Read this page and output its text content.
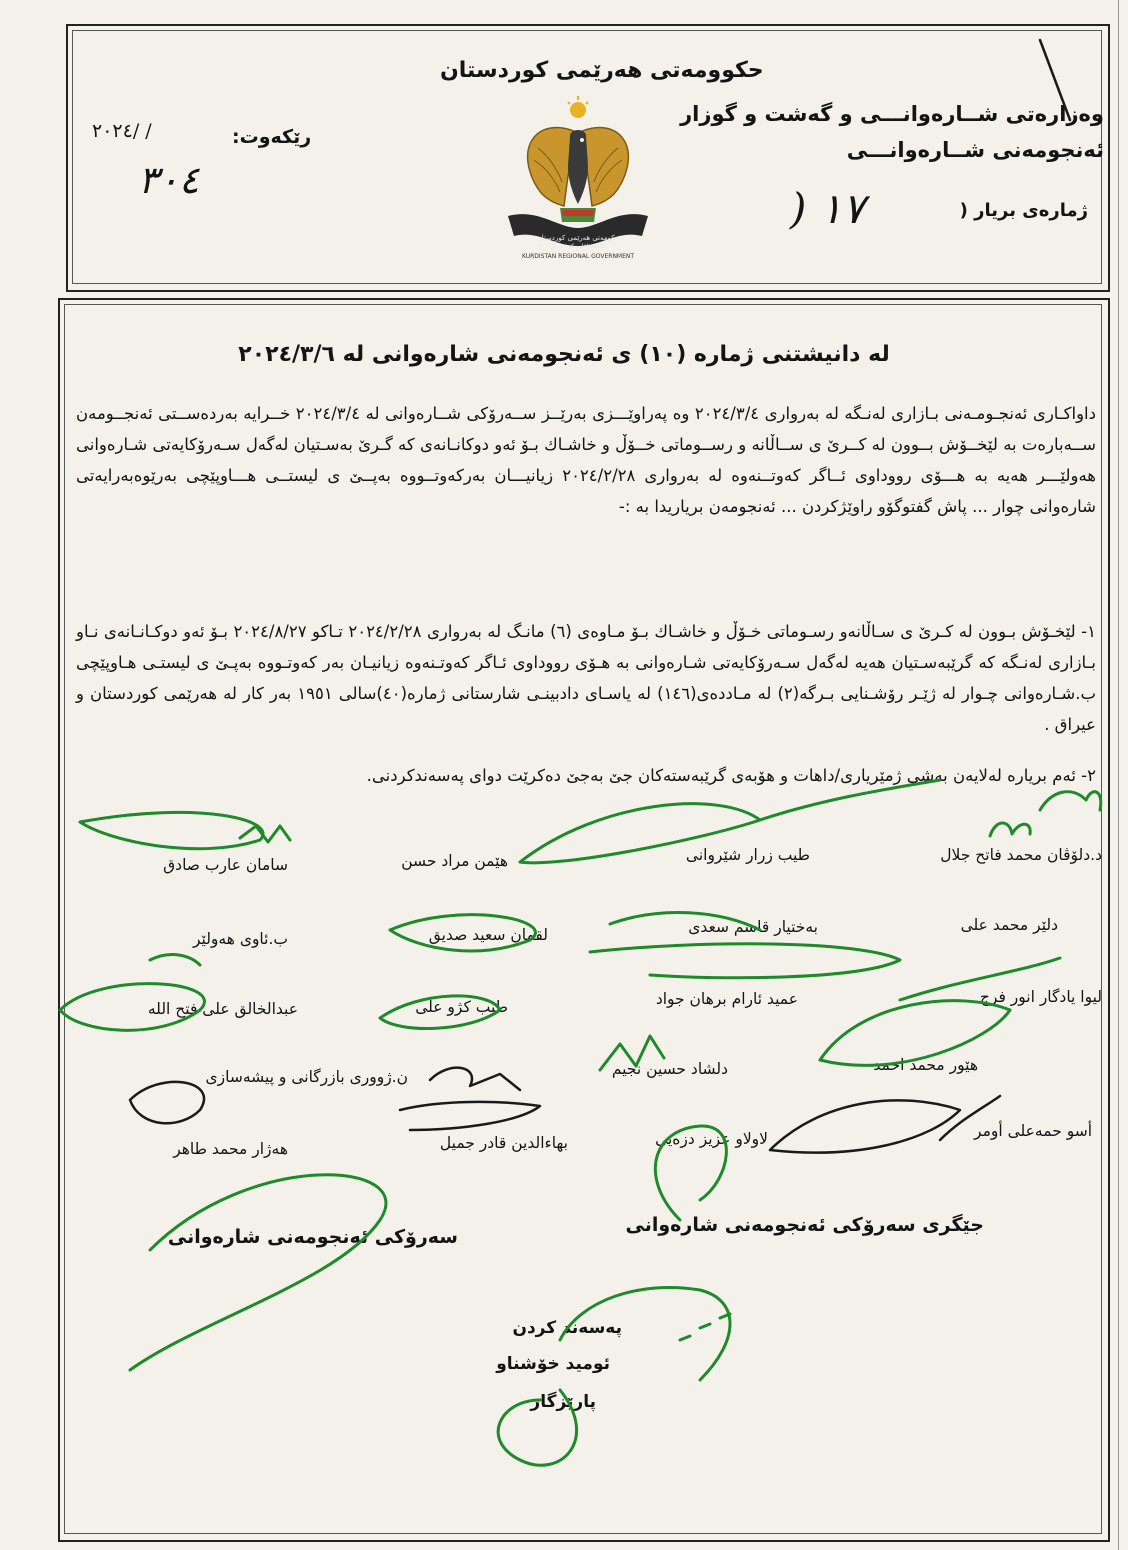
حكوومەتی هەرێمی كوردستان
وەزارەتی شــارەوانـــی و گەشت و گوزار
ئەنجومەنی شــارەوانـــی
ژمارەی بریار (
) ١٧
رێكەوت:
٢٠٢٤/ /
٣٠٤
حكومەتی هەرێمی كوردستان
حكومة اقليم كوردستان
KURDISTAN REGIONAL GOVERNMENT
له دانیشتنی ژماره (١٠) ی ئەنجومەنی شارەوانی لە ٢٠٢٤/٣/٦
داواكـاری ئەنجـومـەنی بـازاری لەنـگە لە بەرواری ٢٠٢٤/٣/٤ وە پەراوێـــزی بەرێــز ســەرۆكی شــارەوانی لە ٢٠٢٤/٣/٤ خــرایە بەردەســتی ئەنجــومەن ســەبارەت بە لێخــۆش بــوون لە كــرێ ی ســاڵانە و رســوماتی خــۆڵ و خاشـاك بـۆ ئەو دوكانـانەی كە گـرێ بەسـتیان لەگەل سـەرۆكایەتی شـارەوانی هەولێـــر هەیە بە هـــۆی رووداوی ئــاگر كەوتــنەوە لە بەرواری ٢٠٢٤/٢/٢٨ زیانیـــان بەركەوتــووە بەپــێ ی لیستــی هـــاوپێچی بەرێوەبەرایەتی شارەوانی چوار ... پاش گفتوگۆو راوێژكردن ... ئەنجومەن بریاریدا بە :-
١- لێخـۆش بـوون لە كـرێ ی سـاڵانەو رسـوماتی خـۆڵ و خاشـاك بـۆ مـاوەی (٦) مانـگ لە بەرواری ٢٠٢٤/٢/٢٨ تـاكو ٢٠٢٤/٨/٢٧ بـۆ ئەو دوكـانـانەی نـاو بـازاری لەنـگە كە گرێبەسـتیان هەیە لەگەل سـەرۆكایەتی شـارەوانی بە هـۆی رووداوی ئـاگر كەوتـنەوە زیانیـان بەر كەوتـووە بەپـێ ی لیستـی هـاوپێچی ب.شـارەوانی چـوار لە ژێـر رۆشـنایی بـرگە(٢) لە مـاددەی(١٤٦) لە یاسـای دادبینـی شارستانی ژماره(٤٠)سالی ١٩٥١ بەر كار لە هەرێمی كوردستان و عیراق .
٢- ئەم بریارە لەلایەن بەشی ژمێریاری/داهات و هۆبەی گرێبەستەكان جێ بەجێ دەكرێت دوای پەسەندكردنی.
د.دلۆڤان محمد فاتح جلال
طيب زرار شێروانی
هێمن مراد حسن
سامان عارب صادق
دلێر محمد علی
بەختیار قاسم سعدی
لقمان سعید صدیق
ب.ئاوی هەولێر
لیوا یادگار انور فرج
عمید ئارام برهان جواد
طيب كژو علی
عبدالخالق علی فتح الله
هێور محمد احمد
دلشاد حسین نجیم
ن.ژووری بازرگانی و پیشەسازی
أسو حمەعلی أومر
لاولاو عزیز دزەیی
بهاءالدین قادر جمیل
هەژار محمد طاهر
جێگری سەرۆكی ئەنجومەنی شارەوانی
سەرۆكی ئەنجومەنی شارەوانی
پەسەند كردن
ئومید خۆشناو
پارێزگار
